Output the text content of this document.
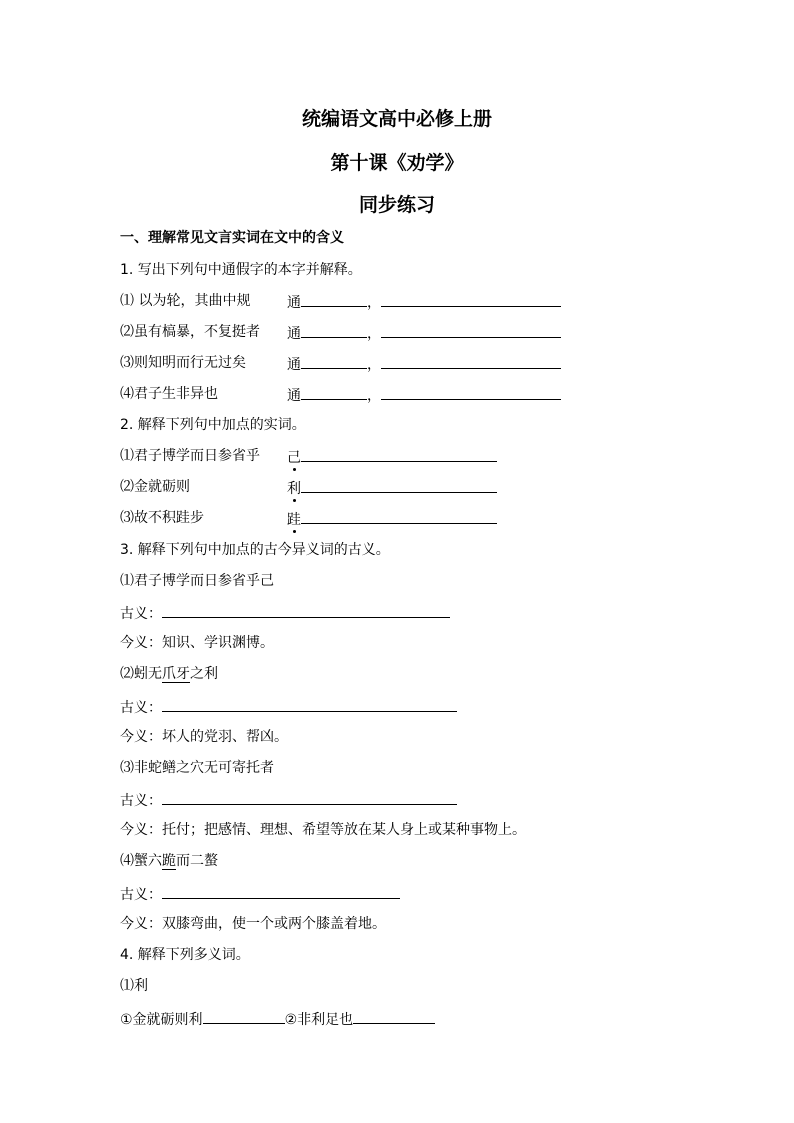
统编语文高中必修上册
第十课《劝学》
同步练习
一、理解常见文言实词在文中的含义
1. 写出下列句中通假字的本字并解释。
⑴ 以为轮，其曲中规	通	，
⑵虽有槁暴，不复挺者 通	，
⑶则知明而行无过矣	通	，
⑷君子生非异也	通	，
2. 解释下列句中加点的实词。
⑴君子博学而日参省乎 己
⑵金就砺则	利
⑶故不积跬步	跬
3. 解释下列句中加点的古今异义词的古义。
⑴君子博学而日参省乎己
古义：
今义：知识、学识渊博。
⑵蚓无爪牙之利
古义：
今义：坏人的党羽、帮凶。
⑶非蛇鳝之穴无可寄托者
古义：
今义：托付；把感情、理想、希望等放在某人身上或某种事物上。
⑷蟹六跪而二螯
古义：
今义：双膝弯曲，使一个或两个膝盖着地。
4. 解释下列多义词。
⑴利
①金就砺则利	②非利足也
